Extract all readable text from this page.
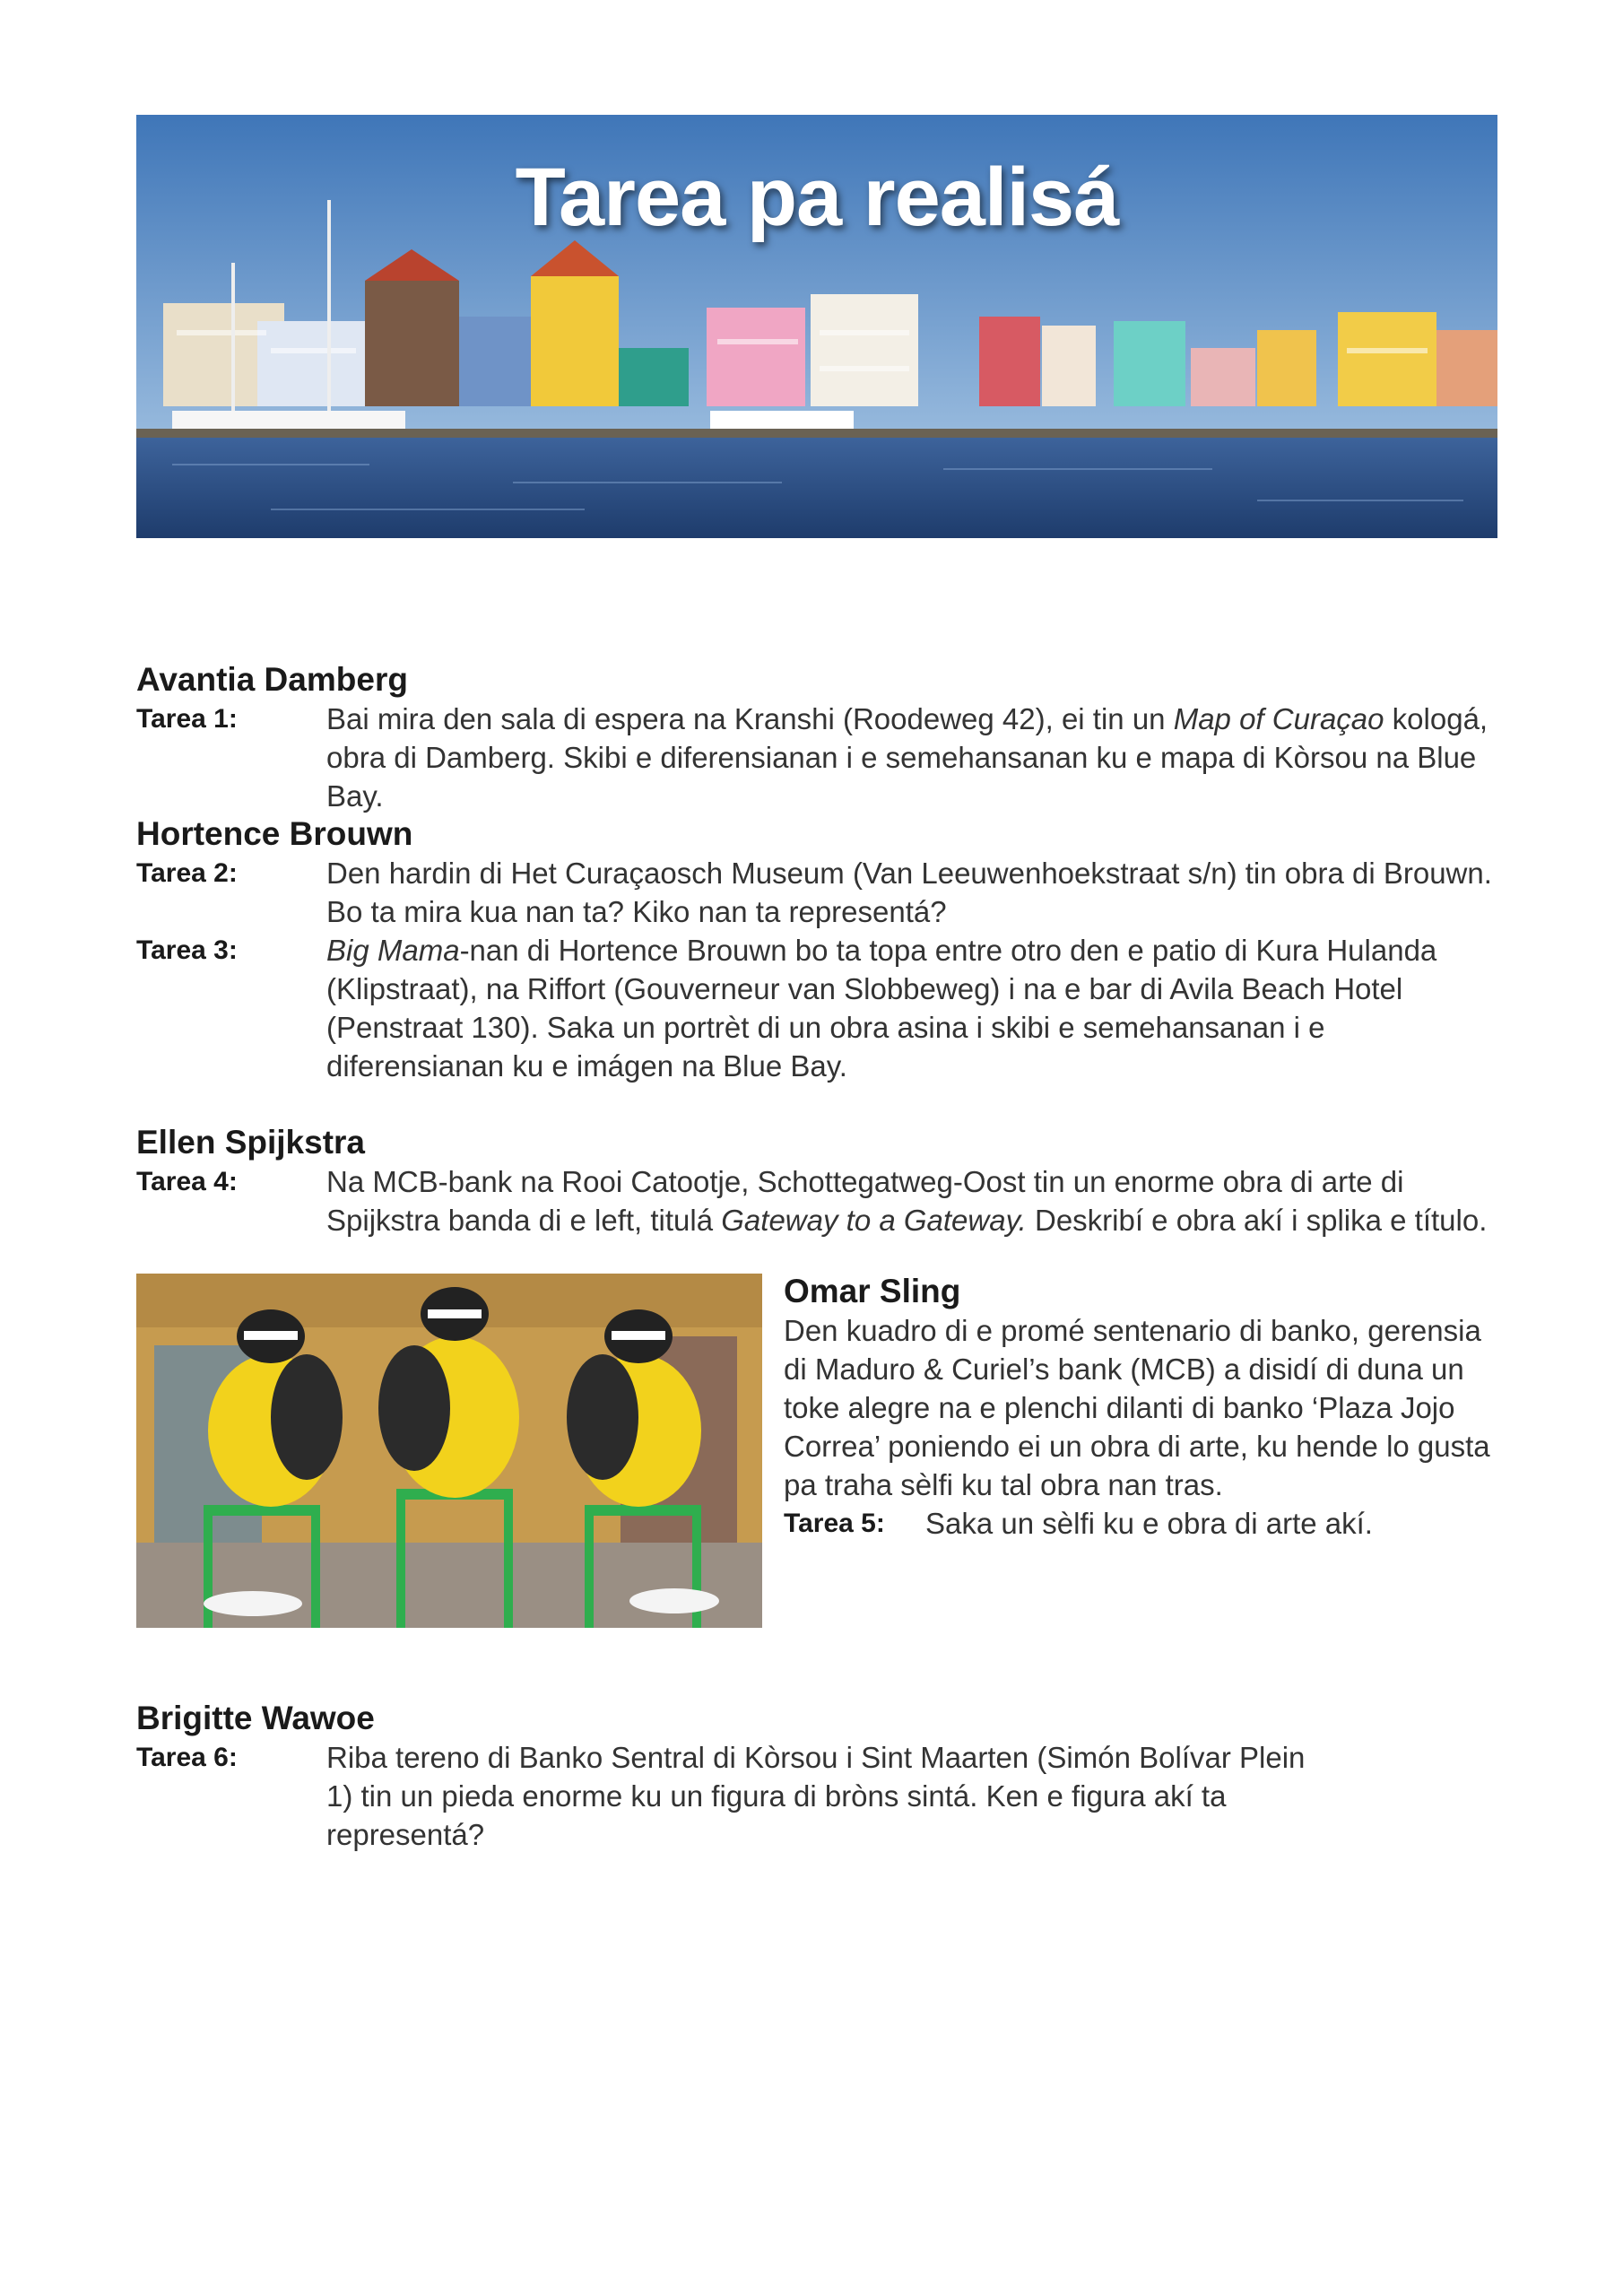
Tarea pa realisá

Avantia Damberg

Tarea 1:	Bai mira den sala di espera na Kranshi (Roodeweg 42), ei tin un Map of Curaçao kologá, obra di Damberg. Skibi e diferensianan i e semehansanan ku e mapa di Kòrsou na Blue Bay.

Hortence Brouwn

Tarea 2:	Den hardin di Het Curaçaosch Museum (Van Leeuwenhoekstraat s/n) tin obra di Brouwn. Bo ta mira kua nan ta? Kiko nan ta representá?
Tarea 3:	Big Mama-nan di Hortence Brouwn bo ta topa entre otro den e patio di Kura Hulanda (Klipstraat), na Riffort (Gouverneur van Slobbeweg) i na e bar di Avila Beach Hotel (Penstraat 130). Saka un portrèt di un obra asina i skibi e semehansanan i e diferensianan ku e imágen na Blue Bay.

Ellen Spijkstra

Tarea 4:	Na MCB-bank na Rooi Catootje, Schottegatweg-Oost tin un enorme obra di arte di Spijkstra banda di e left, titulá Gateway to a Gateway. Deskribí e obra akí i splika e título.

Omar Sling

Den kuadro di e promé sentenario di banko, gerensia di Maduro & Curiel’s bank (MCB) a disidí di duna un toke alegre na e plenchi dilanti di banko ‘Plaza Jojo Correa’ poniendo ei un obra di arte, ku hende lo gusta pa traha sèlfi ku tal obra nan tras.

Tarea 5: Saka un sèlfi ku e obra di arte akí.

Brigitte Wawoe

Tarea 6:	Riba tereno di Banko Sentral di Kòrsou i Sint Maarten (Simón Bolívar Plein 1) tin un pieda enorme ku un figura di bròns sintá. Ken e figura akí ta representá?
